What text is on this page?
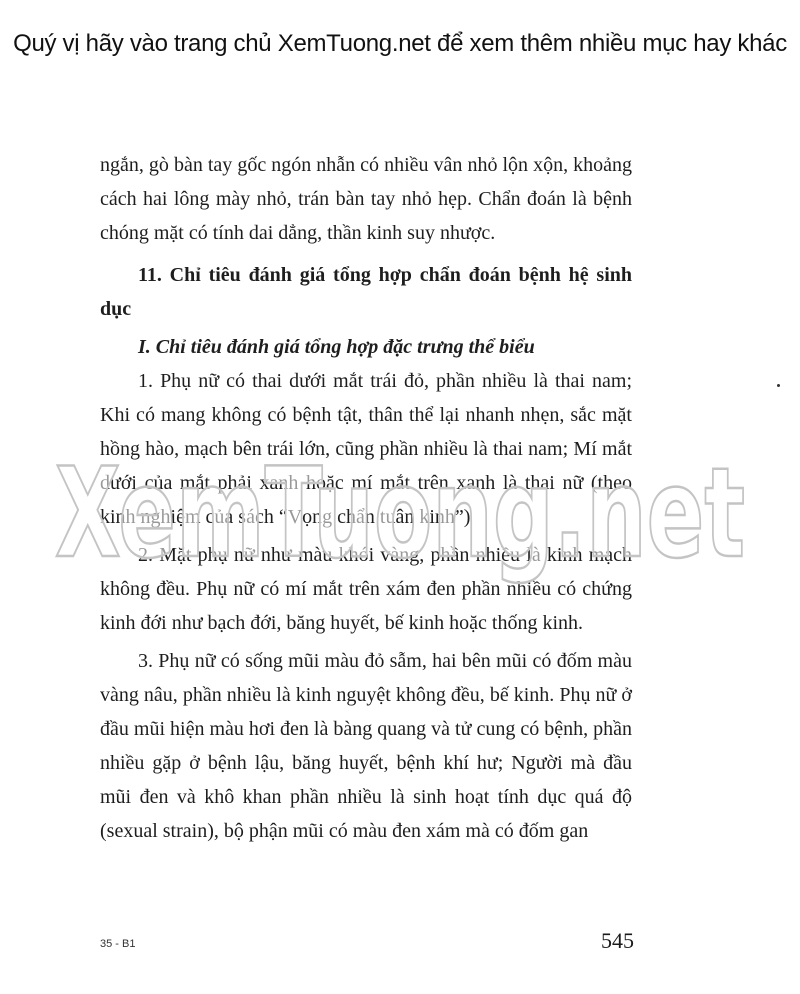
Quý vị hãy vào trang chủ XemTuong.net để xem thêm nhiều mục hay khác

ngắn, gò bàn tay gốc ngón nhẫn có nhiều vân nhỏ lộn xộn, khoảng cách hai lông mày nhỏ, trán bàn tay nhỏ hẹp. Chẩn đoán là bệnh chóng mặt có tính dai dẳng, thần kinh suy nhược.

11. Chỉ tiêu đánh giá tổng hợp chẩn đoán bệnh hệ sinh dục

I. Chỉ tiêu đánh giá tổng hợp đặc trưng thể biểu

1. Phụ nữ có thai dưới mắt trái đỏ, phần nhiều là thai nam; Khi có mang không có bệnh tật, thân thể lại nhanh nhẹn, sắc mặt hồng hào, mạch bên trái lớn, cũng phần nhiều là thai nam; Mí mắt dưới của mắt phải xanh hoặc mí mắt trên xanh là thai nữ (theo kinh nghiệm của sách “Vọng chẩn tuân kinh”)

2. Mặt phụ nữ như màu khói vàng, phần nhiều là kinh mạch không đều. Phụ nữ có mí mắt trên xám đen phần nhiều có chứng kinh đới như bạch đới, băng huyết, bế kinh hoặc thống kinh.

3. Phụ nữ có sống mũi màu đỏ sẫm, hai bên mũi có đốm màu vàng nâu, phần nhiều là kinh nguyệt không đều, bế kinh. Phụ nữ ở đầu mũi hiện màu hơi đen là bàng quang và tử cung có bệnh, phần nhiều gặp ở bệnh lậu, băng huyết, bệnh khí hư; Người mà đầu mũi đen và khô khan phần nhiều là sinh hoạt tính dục quá độ (sexual strain), bộ phận mũi có màu đen xám mà có đốm gan

XemTuong.net
35 - B1	545
